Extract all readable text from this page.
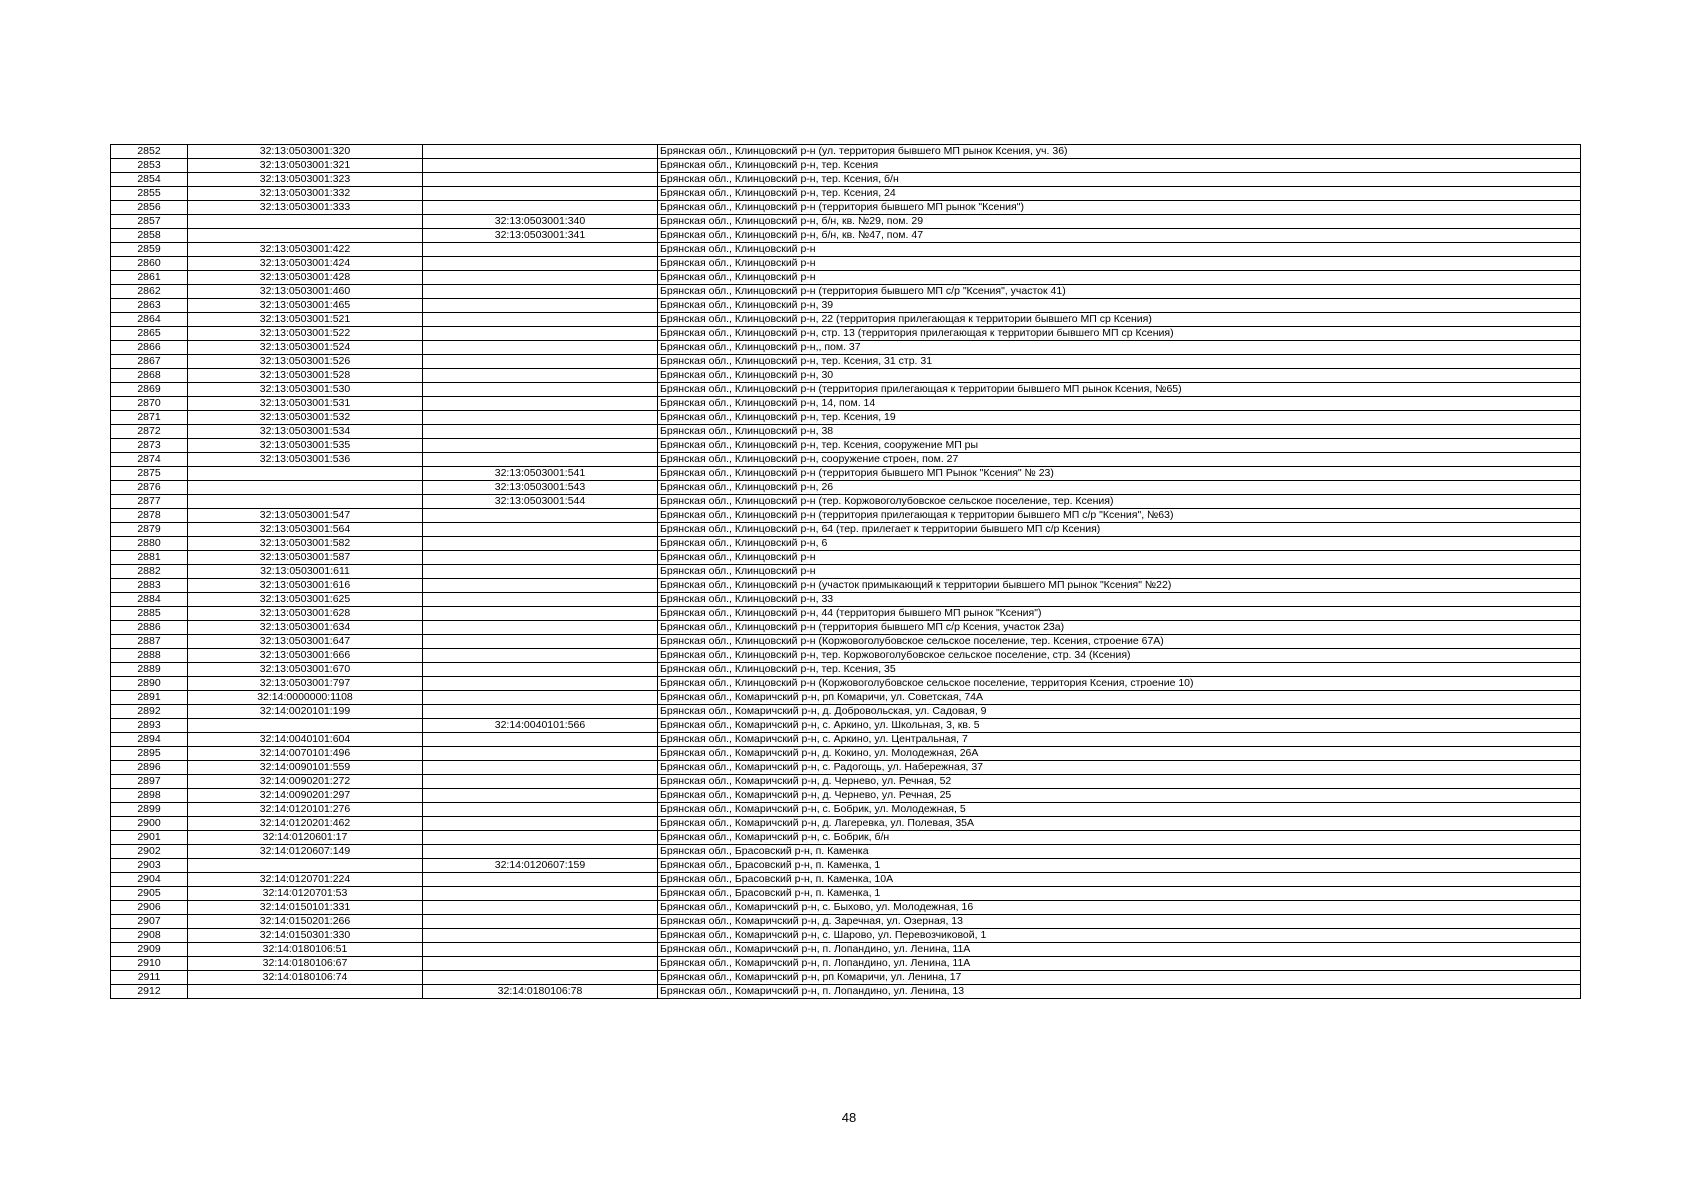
2852	32:13:0503001:320		Брянская обл., Клинцовский р-н (ул. территория бывшего МП рынок Ксения, уч. 36)
2853	32:13:0503001:321		Брянская обл., Клинцовский р-н, тер. Ксения
2854	32:13:0503001:323		Брянская обл., Клинцовский р-н, тер. Ксения, б/н
2855	32:13:0503001:332		Брянская обл., Клинцовский р-н, тер. Ксения, 24
2856	32:13:0503001:333		Брянская обл., Клинцовский р-н (территория бывшего МП рынок "Ксения")
2857		32:13:0503001:340	Брянская обл., Клинцовский р-н, б/н, кв. №29, пом. 29
2858		32:13:0503001:341	Брянская обл., Клинцовский р-н, б/н, кв. №47, пом. 47
2859	32:13:0503001:422		Брянская обл., Клинцовский р-н
2860	32:13:0503001:424		Брянская обл., Клинцовский р-н
2861	32:13:0503001:428		Брянская обл., Клинцовский р-н
2862	32:13:0503001:460		Брянская обл., Клинцовский р-н (территория бывшего МП с/р "Ксения", участок 41)
2863	32:13:0503001:465		Брянская обл., Клинцовский р-н, 39
2864	32:13:0503001:521		Брянская обл., Клинцовский р-н, 22 (территория прилегающая к территории бывшего МП ср Ксения)
2865	32:13:0503001:522		Брянская обл., Клинцовский р-н, стр. 13 (территория прилегающая к территории бывшего МП ср Ксения)
2866	32:13:0503001:524		Брянская обл., Клинцовский р-н,, пом. 37
2867	32:13:0503001:526		Брянская обл., Клинцовский р-н, тер. Ксения, 31 стр. 31
2868	32:13:0503001:528		Брянская обл., Клинцовский р-н, 30
2869	32:13:0503001:530		Брянская обл., Клинцовский р-н (территория прилегающая к территории бывшего МП рынок Ксения, №65)
2870	32:13:0503001:531		Брянская обл., Клинцовский р-н, 14, пом. 14
2871	32:13:0503001:532		Брянская обл., Клинцовский р-н, тер. Ксения, 19
2872	32:13:0503001:534		Брянская обл., Клинцовский р-н, 38
2873	32:13:0503001:535		Брянская обл., Клинцовский р-н, тер. Ксения, сооружение МП ры
2874	32:13:0503001:536		Брянская обл., Клинцовский р-н, сооружение строен, пом. 27
2875		32:13:0503001:541	Брянская обл., Клинцовский р-н (территория бывшего МП Рынок "Ксения" № 23)
2876		32:13:0503001:543	Брянская обл., Клинцовский р-н, 26
2877		32:13:0503001:544	Брянская обл., Клинцовский р-н (тер. Коржовоголубовское сельское поселение, тер. Ксения)
2878	32:13:0503001:547		Брянская обл., Клинцовский р-н (территория прилегающая к территории бывшего МП с/р "Ксения", №63)
2879	32:13:0503001:564		Брянская обл., Клинцовский р-н, 64 (тер. прилегает к территории бывшего МП с/р Ксения)
2880	32:13:0503001:582		Брянская обл., Клинцовский р-н, 6
2881	32:13:0503001:587		Брянская обл., Клинцовский р-н
2882	32:13:0503001:611		Брянская обл., Клинцовский р-н
2883	32:13:0503001:616		Брянская обл., Клинцовский р-н (участок примыкающий к территории бывшего МП рынок "Ксения" №22)
2884	32:13:0503001:625		Брянская обл., Клинцовский р-н, 33
2885	32:13:0503001:628		Брянская обл., Клинцовский р-н, 44 (территория бывшего МП рынок "Ксения")
2886	32:13:0503001:634		Брянская обл., Клинцовский р-н (территория бывшего МП с/р Ксения, участок 23а)
2887	32:13:0503001:647		Брянская обл., Клинцовский р-н (Коржовоголубовское сельское поселение, тер. Ксения, строение 67А)
2888	32:13:0503001:666		Брянская обл., Клинцовский р-н, тер. Коржовоголубовское сельское поселение, стр. 34 (Ксения)
2889	32:13:0503001:670		Брянская обл., Клинцовский р-н, тер. Ксения, 35
2890	32:13:0503001:797		Брянская обл., Клинцовский р-н (Коржовоголубовское сельское поселение, территория Ксения, строение 10)
2891	32:14:0000000:1108		Брянская обл., Комаричский р-н, рп Комаричи, ул. Советская, 74А
2892	32:14:0020101:199		Брянская обл., Комаричский р-н, д. Добровольская, ул. Садовая, 9
2893		32:14:0040101:566	Брянская обл., Комаричский р-н, с. Аркино, ул. Школьная, 3, кв. 5
2894	32:14:0040101:604		Брянская обл., Комаричский р-н, с. Аркино, ул. Центральная, 7
2895	32:14:0070101:496		Брянская обл., Комаричский р-н, д. Кокино, ул. Молодежная, 26А
2896	32:14:0090101:559		Брянская обл., Комаричский р-н, с. Радогощь, ул. Набережная, 37
2897	32:14:0090201:272		Брянская обл., Комаричский р-н, д. Чернево, ул. Речная, 52
2898	32:14:0090201:297		Брянская обл., Комаричский р-н, д. Чернево, ул. Речная, 25
2899	32:14:0120101:276		Брянская обл., Комаричский р-н, с. Бобрик, ул. Молодежная, 5
2900	32:14:0120201:462		Брянская обл., Комаричский р-н, д. Лагеревка, ул. Полевая, 35А
2901	32:14:0120601:17		Брянская обл., Комаричский р-н, с. Бобрик, б/н
2902	32:14:0120607:149		Брянская обл., Брасовский р-н, п. Каменка
2903		32:14:0120607:159	Брянская обл., Брасовский р-н, п. Каменка, 1
2904	32:14:0120701:224		Брянская обл., Брасовский р-н, п. Каменка, 10А
2905	32:14:0120701:53		Брянская обл., Брасовский р-н, п. Каменка, 1
2906	32:14:0150101:331		Брянская обл., Комаричский р-н, с. Быхово, ул. Молодежная, 16
2907	32:14:0150201:266		Брянская обл., Комаричский р-н, д. Заречная, ул. Озерная, 13
2908	32:14:0150301:330		Брянская обл., Комаричский р-н, с. Шарово, ул. Перевозчиковой, 1
2909	32:14:0180106:51		Брянская обл., Комаричский р-н, п. Лопандино, ул. Ленина, 11А
2910	32:14:0180106:67		Брянская обл., Комаричский р-н, п. Лопандино, ул. Ленина, 11А
2911	32:14:0180106:74		Брянская обл., Комаричский р-н, рп Комаричи, ул. Ленина, 17
2912		32:14:0180106:78	Брянская обл., Комаричский р-н, п. Лопандино, ул. Ленина, 13
48
